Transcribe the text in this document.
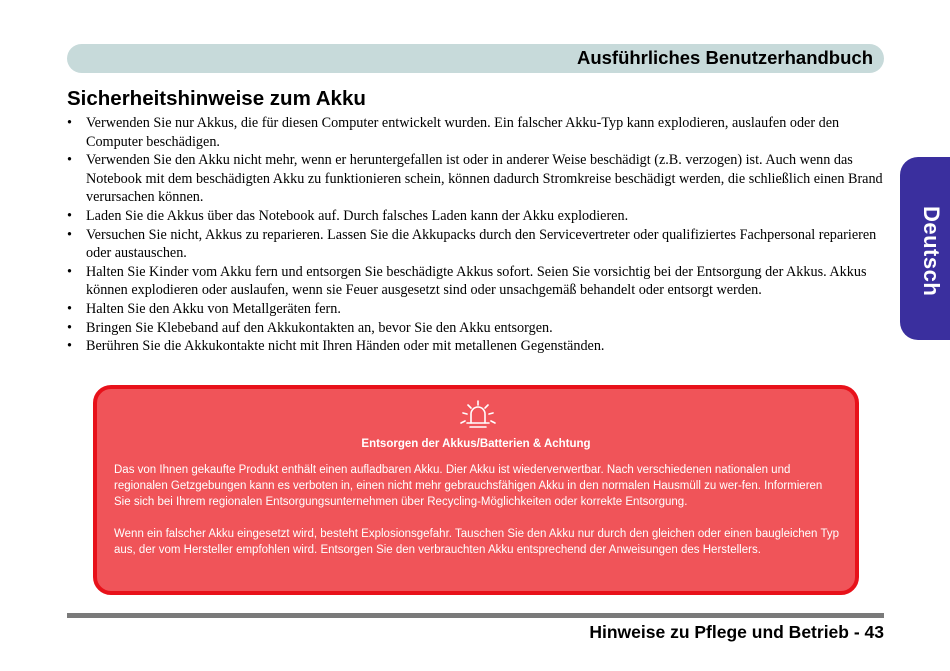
Ausführliches Benutzerhandbuch
Deutsch
Sicherheitshinweise zum Akku
• Verwenden Sie nur Akkus, die für diesen Computer entwickelt wurden. Ein falscher Akku-Typ kann explodieren, auslaufen oder den Computer beschädigen.
• Verwenden Sie den Akku nicht mehr, wenn er heruntergefallen ist oder in anderer Weise beschädigt (z.B. verzogen) ist. Auch wenn das Notebook mit dem beschädigten Akku zu funktionieren schein, können dadurch Stromkreise beschädigt werden, die schließlich einen Brand verursachen können.
• Laden Sie die Akkus über das Notebook auf. Durch falsches Laden kann der Akku explodieren.
• Versuchen Sie nicht, Akkus zu reparieren. Lassen Sie die Akkupacks durch den Servicevertreter oder qualifiziertes Fachpersonal reparieren oder austauschen.
• Halten Sie Kinder vom Akku fern und entsorgen Sie beschädigte Akkus sofort. Seien Sie vorsichtig bei der Entsorgung der Akkus. Akkus können explodieren oder auslaufen, wenn sie Feuer ausgesetzt sind oder unsachgemäß behandelt oder entsorgt werden.
• Halten Sie den Akku von Metallgeräten fern.
• Bringen Sie Klebeband auf den Akkukontakten an, bevor Sie den Akku entsorgen.
• Berühren Sie die Akkukontakte nicht mit Ihren Händen oder mit metallenen Gegenständen.
Entsorgen der Akkus/Batterien & Achtung

Das von Ihnen gekaufte Produkt enthält einen aufladbaren Akku. Dier Akku ist wiederverwertbar. Nach verschiedenen nationalen und regionalen Getzgebungen kann es verboten in, einen nicht mehr gebrauchsfähigen Akku in den normalen Hausmüll zu wer-fen. Informieren Sie sich bei Ihrem regionalen Entsorgungsunternehmen über Recycling-Möglichkeiten oder korrekte Entsorgung.

Wenn ein falscher Akku eingesetzt wird, besteht Explosionsgefahr. Tauschen Sie den Akku nur durch den gleichen oder einen baugleichen Typ aus, der vom Hersteller empfohlen wird. Entsorgen Sie den verbrauchten Akku entsprechend der Anweisungen des Herstellers.

Hinweise zu Pflege und Betrieb - 43
